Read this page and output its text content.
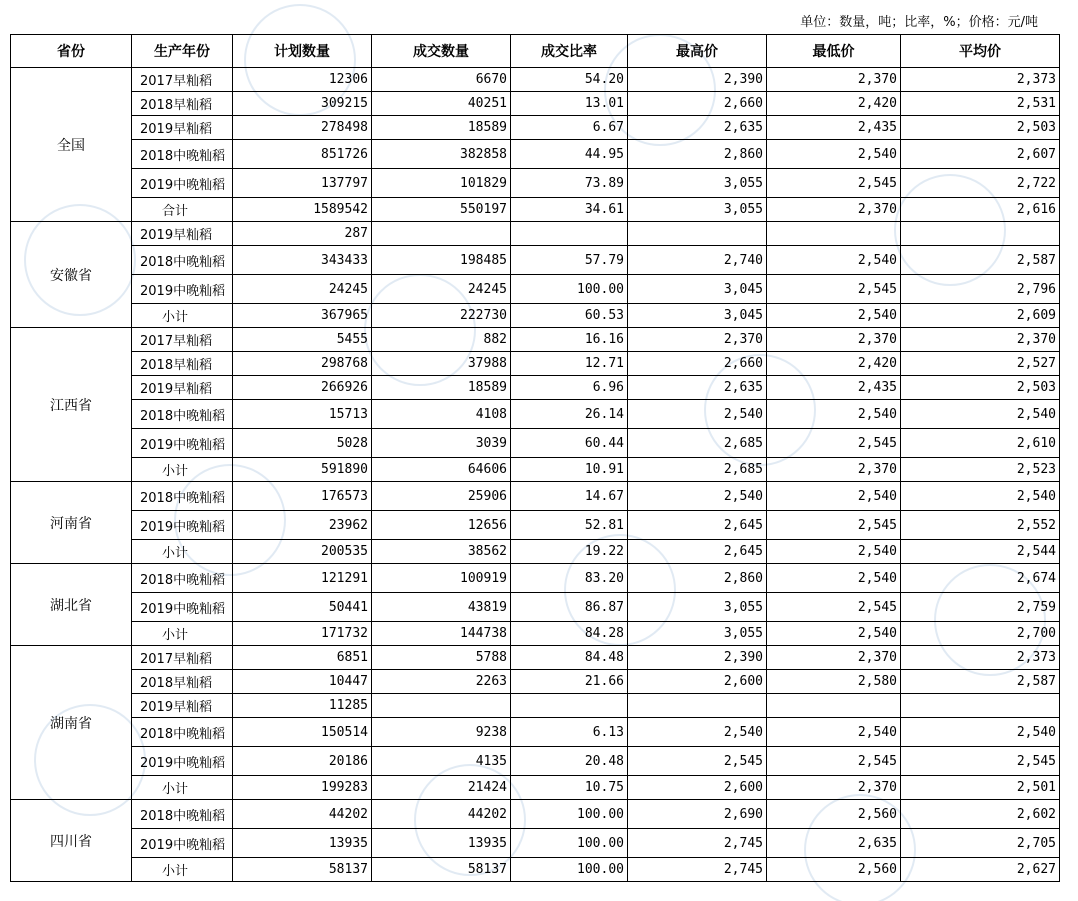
单位：数量，吨；比率，%；价格：元/吨
省份	生产年份	计划数量	成交数量	成交比率	最高价	最低价	平均价
全国	2017早籼稻	12306	6670	54.20	2,390	2,370	2,373
	2018早籼稻	309215	40251	13.01	2,660	2,420	2,531
	2019早籼稻	278498	18589	6.67	2,635	2,435	2,503
	2018中晚籼稻	851726	382858	44.95	2,860	2,540	2,607
	2019中晚籼稻	137797	101829	73.89	3,055	2,545	2,722
	合计	1589542	550197	34.61	3,055	2,370	2,616
安徽省	2019早籼稻	287					
	2018中晚籼稻	343433	198485	57.79	2,740	2,540	2,587
	2019中晚籼稻	24245	24245	100.00	3,045	2,545	2,796
	小计	367965	222730	60.53	3,045	2,540	2,609
江西省	2017早籼稻	5455	882	16.16	2,370	2,370	2,370
	2018早籼稻	298768	37988	12.71	2,660	2,420	2,527
	2019早籼稻	266926	18589	6.96	2,635	2,435	2,503
	2018中晚籼稻	15713	4108	26.14	2,540	2,540	2,540
	2019中晚籼稻	5028	3039	60.44	2,685	2,545	2,610
	小计	591890	64606	10.91	2,685	2,370	2,523
河南省	2018中晚籼稻	176573	25906	14.67	2,540	2,540	2,540
	2019中晚籼稻	23962	12656	52.81	2,645	2,545	2,552
	小计	200535	38562	19.22	2,645	2,540	2,544
湖北省	2018中晚籼稻	121291	100919	83.20	2,860	2,540	2,674
	2019中晚籼稻	50441	43819	86.87	3,055	2,545	2,759
	小计	171732	144738	84.28	3,055	2,540	2,700
湖南省	2017早籼稻	6851	5788	84.48	2,390	2,370	2,373
	2018早籼稻	10447	2263	21.66	2,600	2,580	2,587
	2019早籼稻	11285					
	2018中晚籼稻	150514	9238	6.13	2,540	2,540	2,540
	2019中晚籼稻	20186	4135	20.48	2,545	2,545	2,545
	小计	199283	21424	10.75	2,600	2,370	2,501
四川省	2018中晚籼稻	44202	44202	100.00	2,690	2,560	2,602
	2019中晚籼稻	13935	13935	100.00	2,745	2,635	2,705
	小计	58137	58137	100.00	2,745	2,560	2,627
